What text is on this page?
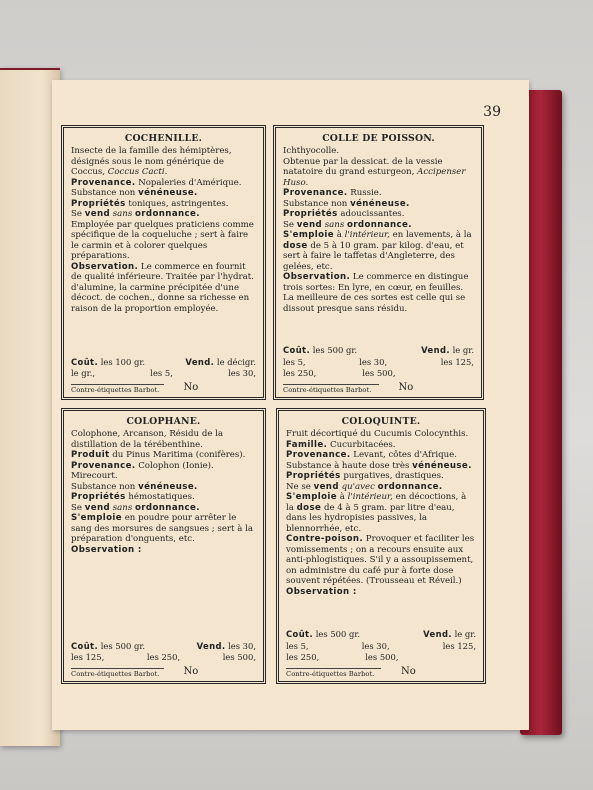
39
COCHENILLE.

Insecte de la famille des hémiptères, désignés sous le nom générique de Coccus, Coccus Cacti.

Provenance. Nopaleries d'Amérique.

Substance non vénéneuse.

Propriétés toniques, astringentes.

Se vend sans ordonnance.

Employée par quelques praticiens comme spécifique de la coqueluche ; sert à faire le carmin et à colorer quelques préparations.

Observation. Le commerce en fournit de qualité inférieure. Traitée par l'hydrat. d'alumine, la carmine précipitée d'une décoct. de cochen., donne sa richesse en raison de la proportion employée.

Coût. les 100 gr.	Vend. le décigr.
le gr.,	les 5,	les 30,
Contre-étiquettes Barbot.	No
COLLE DE POISSON.

Ichthyocolle.

Obtenue par la dessicat. de la vessie natatoire du grand esturgeon, Accipenser Huso.

Provenance. Russie.

Substance non vénéneuse.

Propriétés adoucissantes.

Se vend sans ordonnance.

S'emploie à l'intérieur, en lavements, à la dose de 5 à 10 gram. par kilog. d'eau, et sert à faire le taffetas d'Angleterre, des gelées, etc.

Observation. Le commerce en distingue trois sortes: En lyre, en cœur, en feuilles. La meilleure de ces sortes est celle qui se dissout presque sans résidu.

Coût. les 500 gr.	Vend. le gr.
les 5,	les 30,	les 125,
les 250,	les 500,
Contre-étiquettes Barbot.	No
COLOPHANE.

Colophone, Arcanson, Résidu de la distillation de la térébenthine.

Produit du Pinus Maritima (conifères).

Provenance. Colophon (Ionie). Mirecourt.

Substance non vénéneuse.

Propriétés hémostatiques.

Se vend sans ordonnance.

S'emploie en poudre pour arrêter le sang des morsures de sangsues ; sert à la préparation d'onguents, etc.

Observation :

Coût. les 500 gr.	Vend. les 30,
les 125,	les 250,	les 500,
Contre-étiquettes Barbot.	No
COLOQUINTE.

Fruit décortiqué du Cucumis Colocynthis.

Famille. Cucurbitacées.

Provenance. Levant, côtes d'Afrique.

Substance à haute dose très vénéneuse.

Propriétés purgatives, drastiques.

Ne se vend qu'avec ordonnance.

S'emploie à l'intérieur, en décoctions, à la dose de 4 à 5 gram. par litre d'eau, dans les hydropisies passives, la blennorrhée, etc.

Contre-poison. Provoquer et faciliter les vomissements ; on a recours ensuite aux anti-phlogistiques. S'il y a assoupissement, on administre du café pur à forte dose souvent répétées. (Trousseau et Réveil.)

Observation :

Coût. les 500 gr.	Vend. le gr.
les 5,	les 30,	les 125,
les 250,	les 500,
Contre-étiquettes Barbot.	No
